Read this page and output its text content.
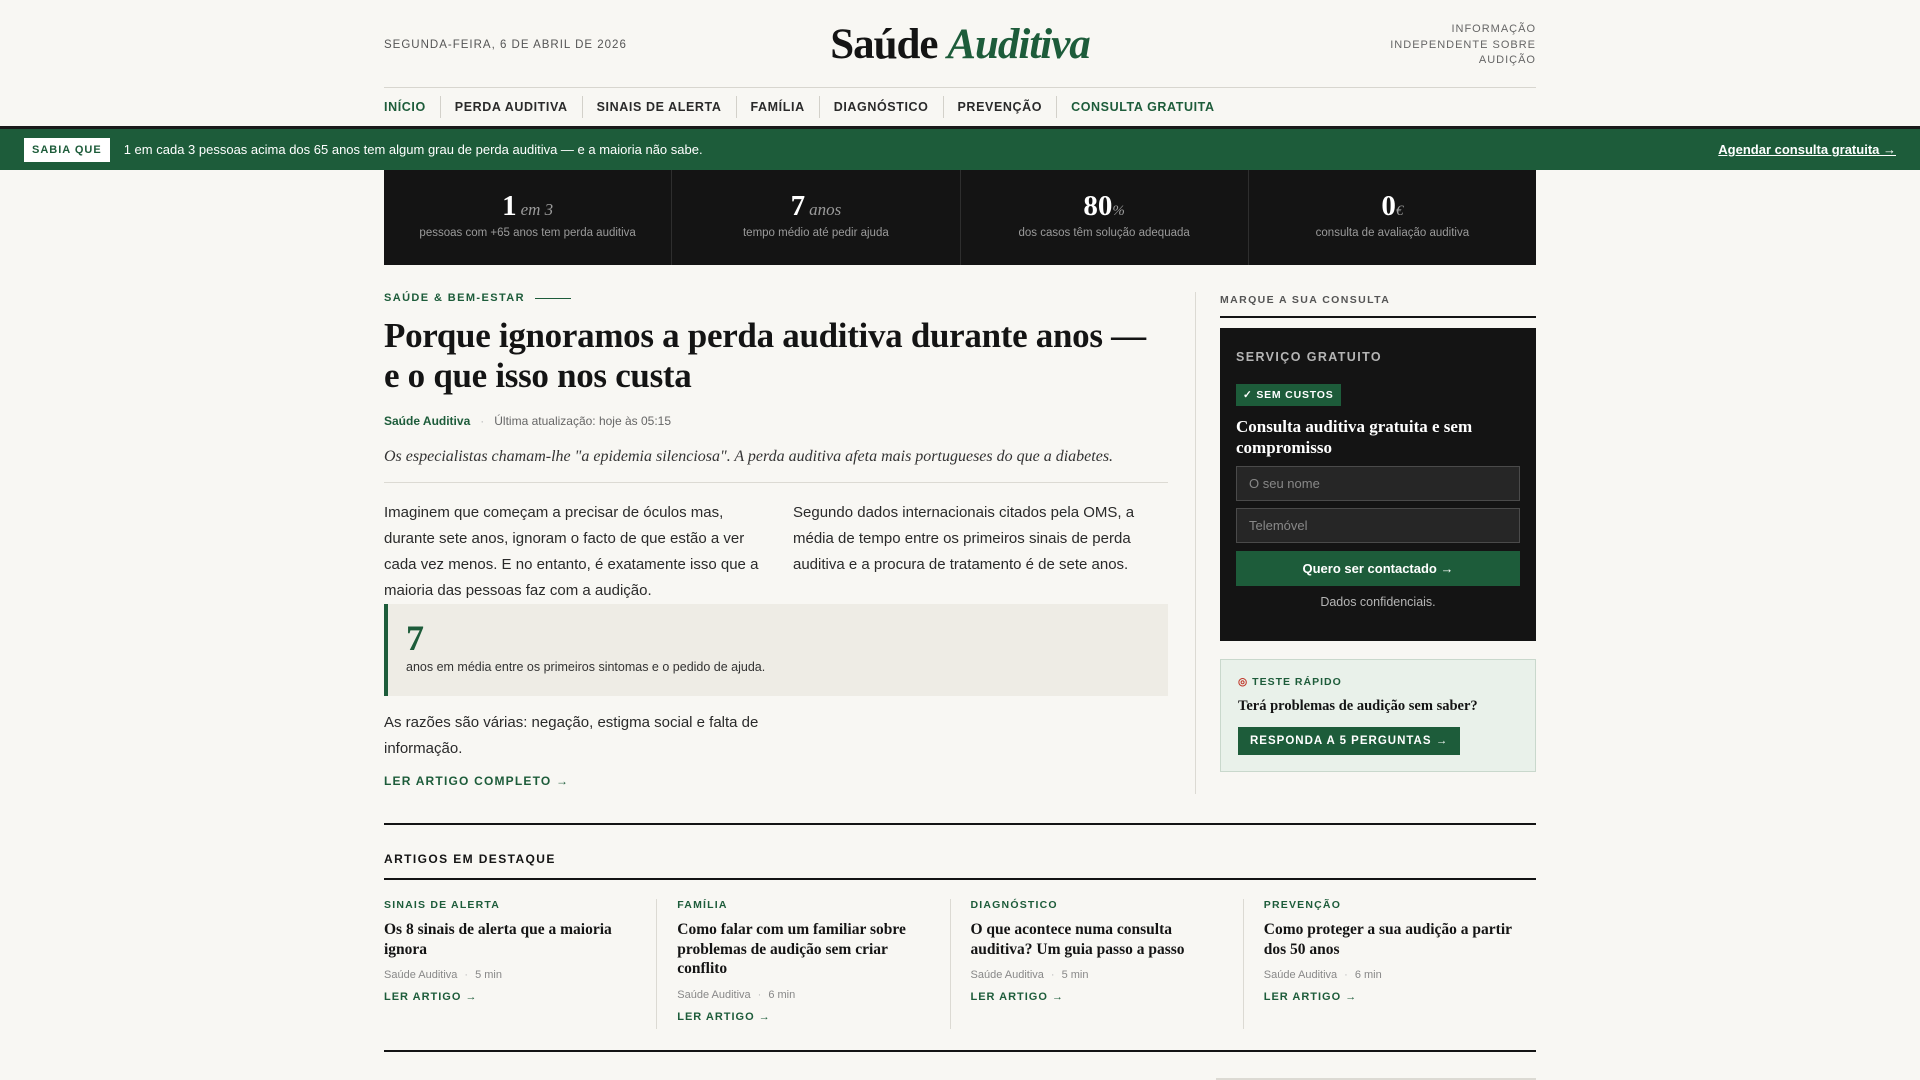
SEGUNDA-FEIRA, 6 DE ABRIL DE 2026	Saúde Auditiva	INFORMAÇÃO INDEPENDENTE SOBRE AUDIÇÃO
INÍCIO	PERDA AUDITIVA	SINAIS DE ALERTA	FAMÍLIA	DIAGNÓSTICO	PREVENÇÃO	CONSULTA GRATUITA
SABIA QUE	1 em cada 3 pessoas acima dos 65 anos tem algum grau de perda auditiva — e a maioria não sabe.	Agendar consulta gratuita →
1 em 3
pessoas com +65 anos tem perda auditiva
7 anos
tempo médio até pedir ajuda
80%
dos casos têm solução adequada
0€
consulta de avaliação auditiva
SAÚDE & BEM-ESTAR
Porque ignoramos a perda auditiva durante anos — e o que isso nos custa
Saúde Auditiva · Última atualização: hoje às 05:15

Os especialistas chamam-lhe "a epidemia silenciosa". A perda auditiva afeta mais portugueses do que a diabetes.

Imaginem que começam a precisar de óculos mas, durante sete anos, ignoram o facto de que estão a ver cada vez menos. E no entanto, é exatamente isso que a maioria das pessoas faz com a audição.

Segundo dados internacionais citados pela OMS, a média de tempo entre os primeiros sinais de perda auditiva e a procura de tratamento é de sete anos.

7
anos em média entre os primeiros sintomas e o pedido de ajuda.

As razões são várias: negação, estigma social e falta de informação.

LER ARTIGO COMPLETO →
MARQUE A SUA CONSULTA
SERVIÇO GRATUITO
✓ SEM CUSTOS
Consulta auditiva gratuita e sem compromisso
O seu nome Telemóvel Quero ser contactado →
Dados confidenciais.
◎ TESTE RÁPIDO
Terá problemas de audição sem saber?
RESPONDA A 5 PERGUNTAS →
ARTIGOS EM DESTAQUE
SINAIS DE ALERTA
Os 8 sinais de alerta que a maioria ignora
Saúde Auditiva · 5 min
LER ARTIGO →
FAMÍLIA
Como falar com um familiar sobre problemas de audição sem criar conflito
Saúde Auditiva · 6 min
LER ARTIGO →
DIAGNÓSTICO
O que acontece numa consulta auditiva? Um guia passo a passo
Saúde Auditiva · 5 min
LER ARTIGO →
PREVENÇÃO
Como proteger a sua audição a partir dos 50 anos
Saúde Auditiva · 6 min
LER ARTIGO →
